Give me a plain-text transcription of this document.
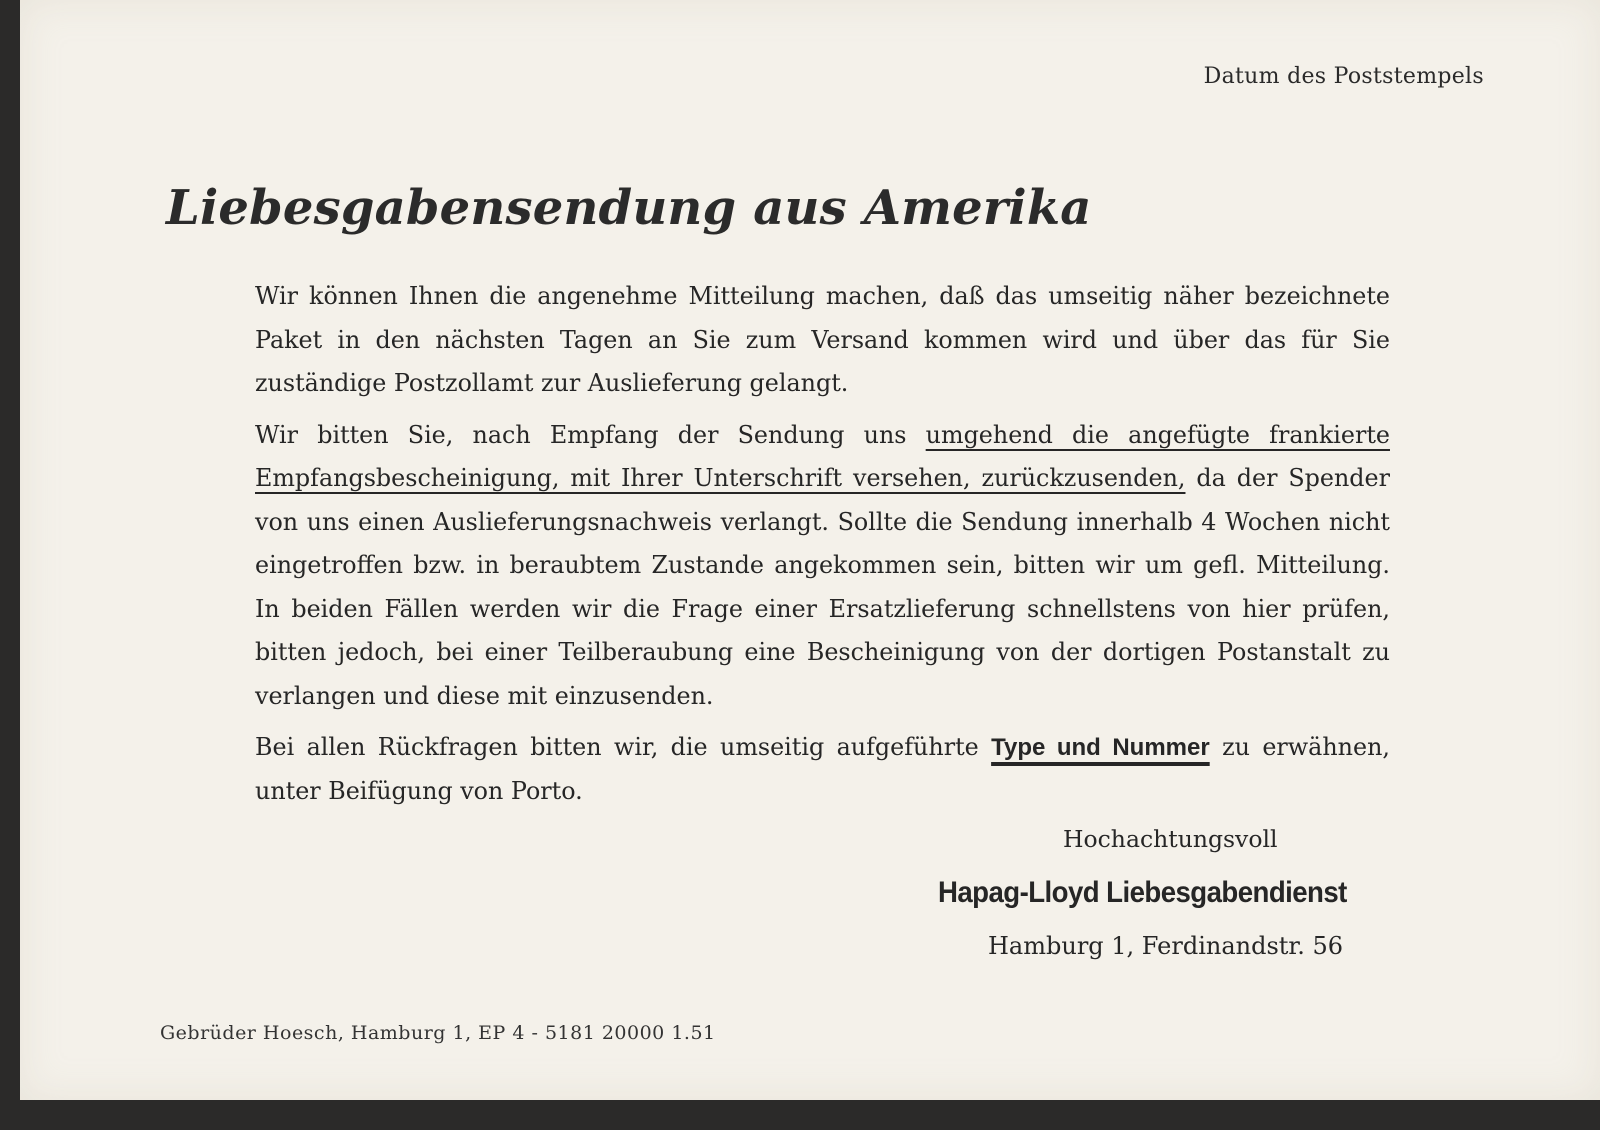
Datum des Poststempels

Liebesgabensendung aus Amerika

Wir können Ihnen die angenehme Mitteilung machen, daß das umseitig näher bezeichnete Paket in den nächsten Tagen an Sie zum Versand kommen wird und über das für Sie zuständige Postzollamt zur Auslieferung gelangt.

Wir bitten Sie, nach Empfang der Sendung uns umgehend die angefügte frankierte Empfangsbescheinigung, mit Ihrer Unterschrift versehen, zurückzusenden, da der Spender von uns einen Auslieferungsnachweis verlangt. Sollte die Sendung innerhalb 4 Wochen nicht eingetroffen bzw. in beraubtem Zustande angekommen sein, bitten wir um gefl. Mitteilung. In beiden Fällen werden wir die Frage einer Ersatzlieferung schnellstens von hier prüfen, bitten jedoch, bei einer Teilberaubung eine Bescheinigung von der dortigen Postanstalt zu verlangen und diese mit einzusenden.

Bei allen Rückfragen bitten wir, die umseitig aufgeführte Type und Nummer zu erwähnen, unter Beifügung von Porto.

Hochachtungsvoll

Hapag-Lloyd Liebesgabendienst

Hamburg 1, Ferdinandstr. 56

Gebrüder Hoesch, Hamburg 1, EP 4 - 5181 20000 1.51
